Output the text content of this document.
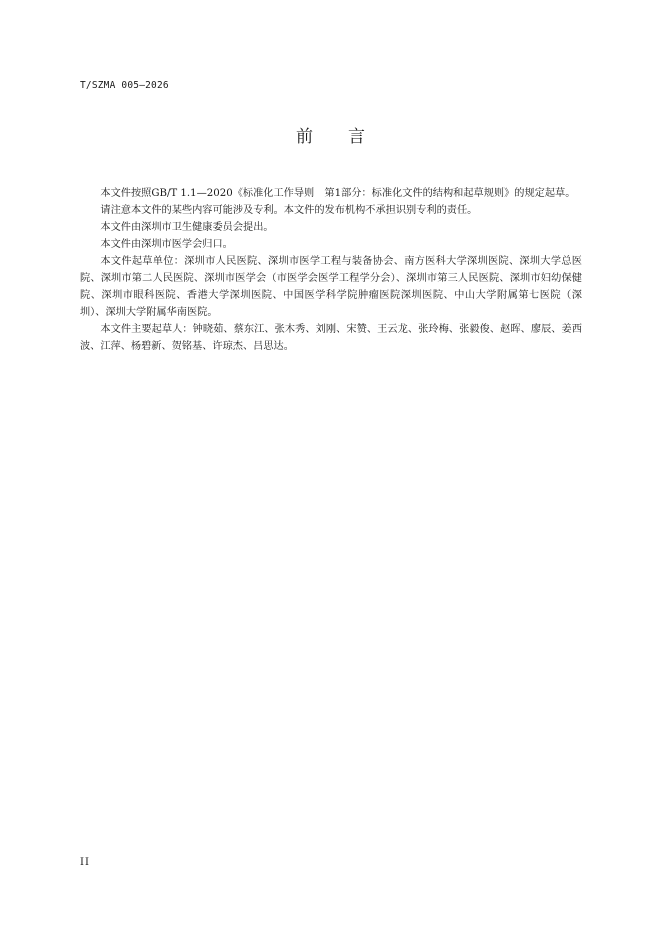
T/SZMA 005—2026
前 言

本文件按照GB/T 1.1—2020《标准化工作导则　第1部分：标准化文件的结构和起草规则》的规定起草。

请注意本文件的某些内容可能涉及专利。本文件的发布机构不承担识别专利的责任。

本文件由深圳市卫生健康委员会提出。

本文件由深圳市医学会归口。

本文件起草单位：深圳市人民医院、深圳市医学工程与装备协会、南方医科大学深圳医院、深圳大学总医院、深圳市第二人民医院、深圳市医学会（市医学会医学工程学分会）、深圳市第三人民医院、深圳市妇幼保健院、深圳市眼科医院、香港大学深圳医院、中国医学科学院肿瘤医院深圳医院、中山大学附属第七医院（深圳）、深圳大学附属华南医院。

本文件主要起草人：钟晓茹、蔡东江、张木秀、刘刚、宋赞、王云龙、张玲梅、张毅俊、赵晖、廖辰、姜西波、江萍、杨碧新、贺铭基、许琼杰、吕思达。

II
